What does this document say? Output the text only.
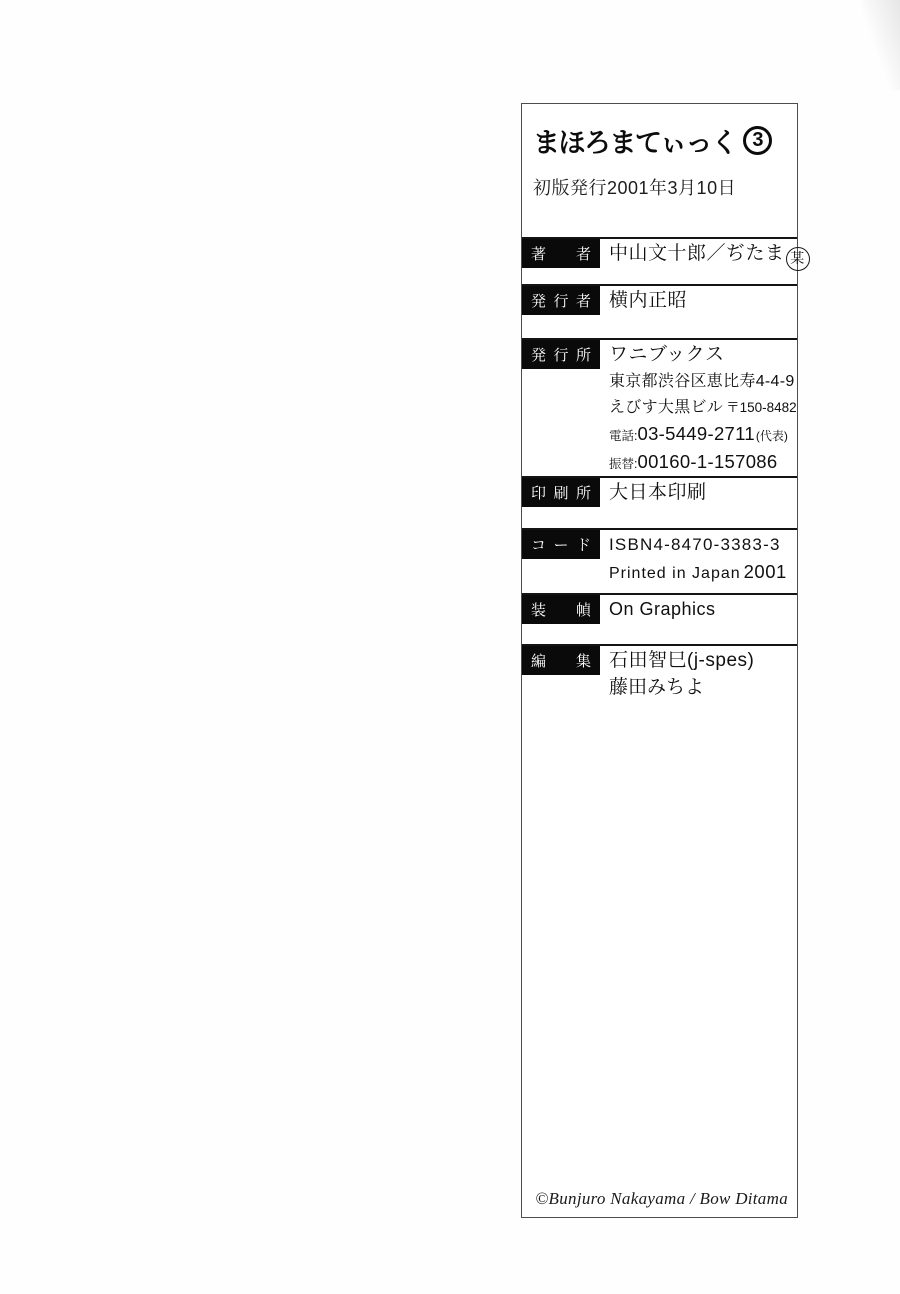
まほろまてぃっく 3
初版発行2001年3月10日
著 者 中山文十郎／ぢたま 某
発 行 者 横内正昭
発 行 所 ワニブックス
東京都渋谷区恵比寿4-4-9
えびす大黒ビル 〒150-8482
電話: 03-5449-2711 (代表)
振替: 00160-1-157086
印 刷 所 大日本印刷
コ ー ド ISBN4-8470-3383-3
Printed in Japan 2001
装 幀 On Graphics
編 集 石田智巳(j-spes)
藤田みちよ
©Bunjuro Nakayama / Bow Ditama
